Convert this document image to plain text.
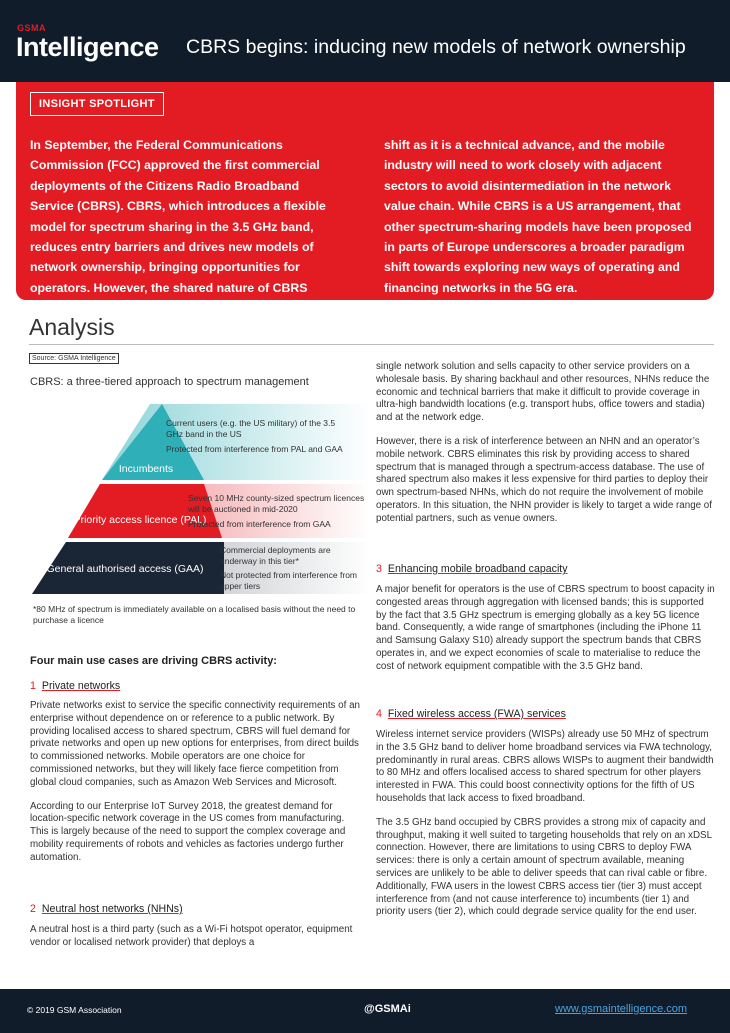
GSMA
Intelligence CBRS begins: inducing new models of network ownership
INSIGHT SPOTLIGHT
In September, the Federal Communications Commission (FCC) approved the first commercial deployments of the Citizens Radio Broadband Service (CBRS). CBRS, which introduces a flexible model for spectrum sharing in the 3.5 GHz band, reduces entry barriers and drives new models of network ownership, bringing opportunities for operators. However, the shared nature of CBRS means it is as much a culture
shift as it is a technical advance, and the mobile industry will need to work closely with adjacent sectors to avoid disintermediation in the network value chain. While CBRS is a US arrangement, that other spectrum-sharing models have been proposed in parts of Europe underscores a broader paradigm shift towards exploring new ways of operating and financing networks in the 5G era.
Analysis
Source: GSMA Intelligence
CBRS: a three-tiered approach to spectrum management
Incumbents
Priority access licence (PAL)
General authorised access (GAA)
Current users (e.g. the US military) of the 3.5 GHz band in the US
Protected from interference from PAL and GAA
Seven 10 MHz county-sized spectrum licences will be auctioned in mid-2020
Protected from interference from GAA
Commercial deployments are underway in this tier*
Not protected from interference from upper tiers
*80 MHz of spectrum is immediately available on a localised basis without the need to purchase a licence
Four main use cases are driving CBRS activity:
1 Private networks

Private networks exist to service the specific connectivity requirements of an enterprise without dependence on or reference to a public network. By providing localised access to shared spectrum, CBRS will fuel demand for private networks and open up new options for enterprises, from direct builds to commissioned networks. Mobile operators are one choice for commissioned networks, but they will likely face fierce competition from global cloud companies, such as Amazon Web Services and Microsoft.

According to our Enterprise IoT Survey 2018, the greatest demand for location-specific network coverage in the US comes from manufacturing. This is largely because of the need to support the complex coverage and mobility requirements of robots and vehicles as factories undergo further automation.

2 Neutral host networks (NHNs)

A neutral host is a third party (such as a Wi-Fi hotspot operator, equipment vendor or localised network provider) that deploys a

single network solution and sells capacity to other service providers on a wholesale basis. By sharing backhaul and other resources, NHNs reduce the economic and technical barriers that make it difficult to provide coverage in ultra-high bandwidth locations (e.g. transport hubs, office towers and stadia) and at the network edge.

However, there is a risk of interference between an NHN and an operator’s mobile network. CBRS eliminates this risk by providing access to shared spectrum that is managed through a spectrum-access database. The use of shared spectrum also makes it less expensive for third parties to deploy their own spectrum-based NHNs, which do not require the involvement of mobile operators. In this situation, the NHN provider is likely to target a wide range of potential partners, such as venue owners.

3 Enhancing mobile broadband capacity

A major benefit for operators is the use of CBRS spectrum to boost capacity in congested areas through aggregation with licensed bands; this is supported by the fact that 3.5 GHz spectrum is emerging globally as a key 5G licence band. Consequently, a wide range of smartphones (including the iPhone 11 and Samsung Galaxy S10) already support the spectrum bands that CBRS operates in, and we expect economies of scale to materialise to reduce the cost of network equipment compatible with the 3.5 GHz band.

4 Fixed wireless access (FWA) services

Wireless internet service providers (WISPs) already use 50 MHz of spectrum in the 3.5 GHz band to deliver home broadband services via FWA technology, predominantly in rural areas. CBRS allows WISPs to augment their bandwidth to 80 MHz and offers localised access to shared spectrum for other players interested in FWA. This could boost connectivity options for the fifth of US households that lack access to fixed broadband.

The 3.5 GHz band occupied by CBRS provides a strong mix of capacity and throughput, making it well suited to targeting households that rely on an xDSL connection. However, there are limitations to using CBRS to deploy FWA services: there is only a certain amount of spectrum available, meaning services are unlikely to be able to deliver speeds that can rival cable or fibre. Additionally, FWA users in the lowest CBRS access tier (tier 3) must accept interference from (and not cause interference to) incumbents (tier 1) and priority users (tier 2), which could degrade service quality for the end user.

© 2019 GSM Association	@GSMAi	www.gsmaintelligence.com
